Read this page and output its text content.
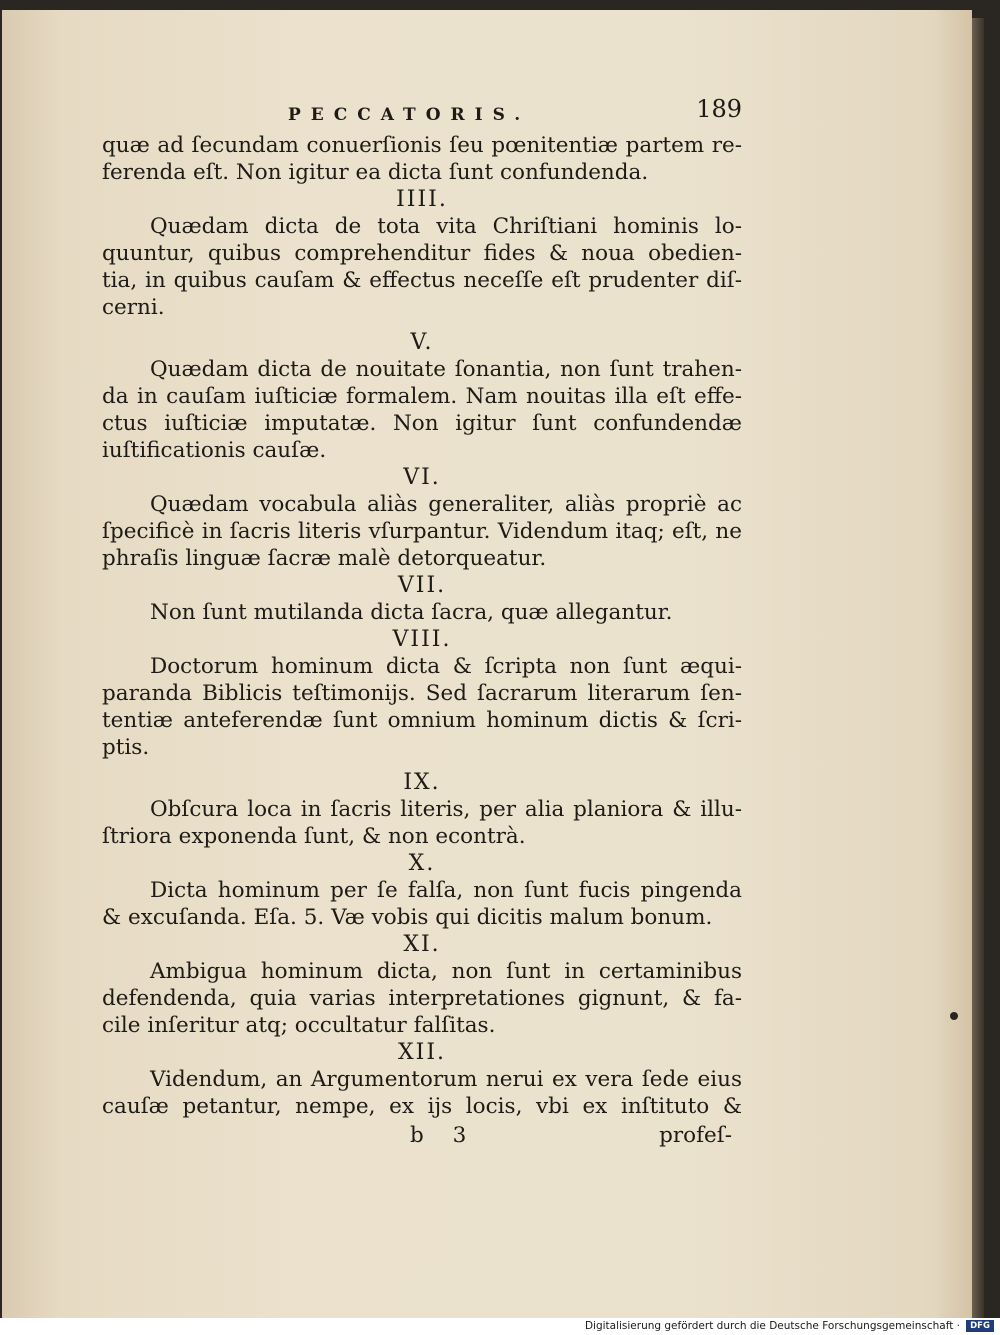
PECCATORIS.	189
quæ ad ſecundam conuerſionis ſeu pœnitentiæ partem re-
ferenda eſt. Non igitur ea dicta ſunt confundenda.
IIII.
Quædam dicta de tota vita Chriſtiani hominis lo-
quuntur, quibus comprehenditur fides & noua obedien-
tia, in quibus cauſam & effectus neceſſe eſt prudenter diſ-
cerni.
V.
Quædam dicta de nouitate ſonantia, non ſunt trahen-
da in cauſam iuſticiæ formalem. Nam nouitas illa eſt effe-
ctus iuſticiæ imputatæ. Non igitur ſunt confundendæ
iuſtificationis cauſæ.
VI.
Quædam vocabula aliàs generaliter, aliàs propriè ac
ſpecificè in ſacris literis vſurpantur. Videndum itaq; eſt, ne
phraſis linguæ ſacræ malè detorqueatur.
VII.
Non ſunt mutilanda dicta ſacra, quæ allegantur.
VIII.
Doctorum hominum dicta & ſcripta non ſunt æqui-
paranda Biblicis teſtimonijs. Sed ſacrarum literarum ſen-
tentiæ anteferendæ ſunt omnium hominum dictis & ſcri-
ptis.
IX.
Obſcura loca in ſacris literis, per alia planiora & illu-
ſtriora exponenda ſunt, & non econtrà.
X.
Dicta hominum per ſe falſa, non ſunt fucis pingenda
& excuſanda. Eſa. 5. Væ vobis qui dicitis malum bonum.
XI.
Ambigua hominum dicta, non ſunt in certaminibus
defendenda, quia varias interpretationes gignunt, & fa-
cile inſeritur atq; occultatur falſitas.
XII.
Videndum, an Argumentorum nerui ex vera ſede eius
cauſæ petantur, nempe, ex ijs locis, vbi ex inſtituto &
b 3	profeſ-
Digitalisierung gefördert durch die Deutsche Forschungsgemeinschaft ·	DFG
